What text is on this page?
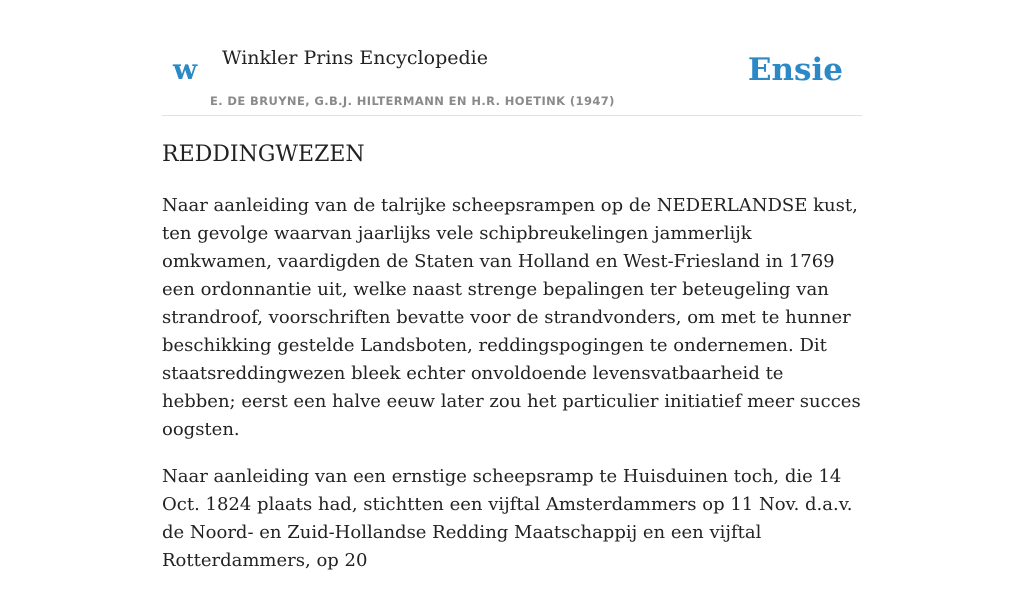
w Winkler Prins Encyclopedie
E. DE BRUYNE, G.B.J. HILTERMANN EN H.R. HOETINK (1947)
Ensie
REDDINGWEZEN

Naar aanleiding van de talrijke scheepsrampen op de NEDERLANDSE kust, ten gevolge waarvan jaarlijks vele schipbreukelingen jammerlijk omkwamen, vaardigden de Staten van Holland en West-Friesland in 1769 een ordonnantie uit, welke naast strenge bepalingen ter beteugeling van strandroof, voorschriften bevatte voor de strandvonders, om met te hunner beschikking gestelde Landsboten, reddingspogingen te ondernemen. Dit staatsreddingwezen bleek echter onvoldoende levensvatbaarheid te hebben; eerst een halve eeuw later zou het particulier initiatief meer succes oogsten.

Naar aanleiding van een ernstige scheepsramp te Huisduinen toch, die 14 Oct. 1824 plaats had, stichtten een vijftal Amsterdammers op 11 Nov. d.a.v. de Noord- en Zuid-Hollandse Redding Maatschappij en een vijftal Rotterdammers, op 20
